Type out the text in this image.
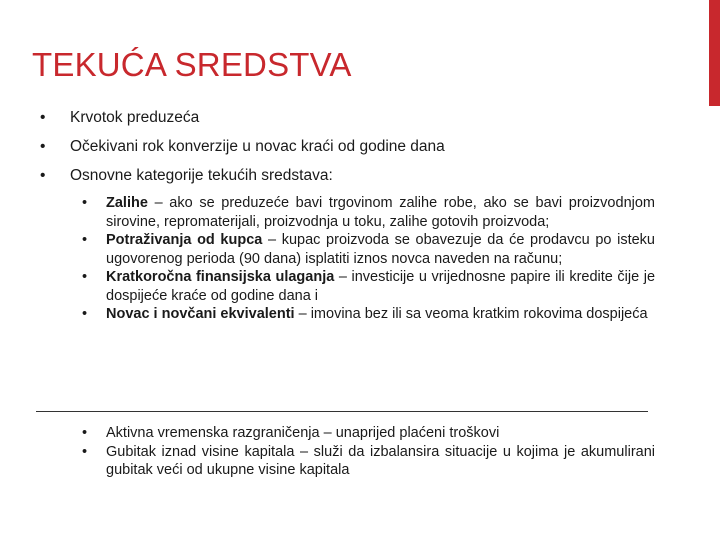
TEKUĆA SREDSTVA
• Krvotok preduzeća
• Očekivani rok konverzije u novac kraći od godine dana
• Osnovne kategorije tekućih sredstava:
• Zalihe – ako se preduzeće bavi trgovinom zalihe robe, ako se bavi proizvodnjom sirovine, repromaterijali, proizvodnja u toku, zalihe gotovih proizvoda;
• Potraživanja od kupca – kupac proizvoda se obavezuje da će prodavcu po isteku ugovorenog perioda (90 dana) isplatiti iznos novca naveden na računu;
• Kratkoročna finansijska ulaganja – investicije u vrijednosne papire ili kredite čije je dospijeće kraće od godine dana i
• Novac i novčani ekvivalenti – imovina bez ili sa veoma kratkim rokovima dospijeća
• Aktivna vremenska razgraničenja – unaprijed plaćeni troškovi
• Gubitak iznad visine kapitala – služi da izbalansira situacije u kojima je akumulirani gubitak veći od ukupne visine kapitala
